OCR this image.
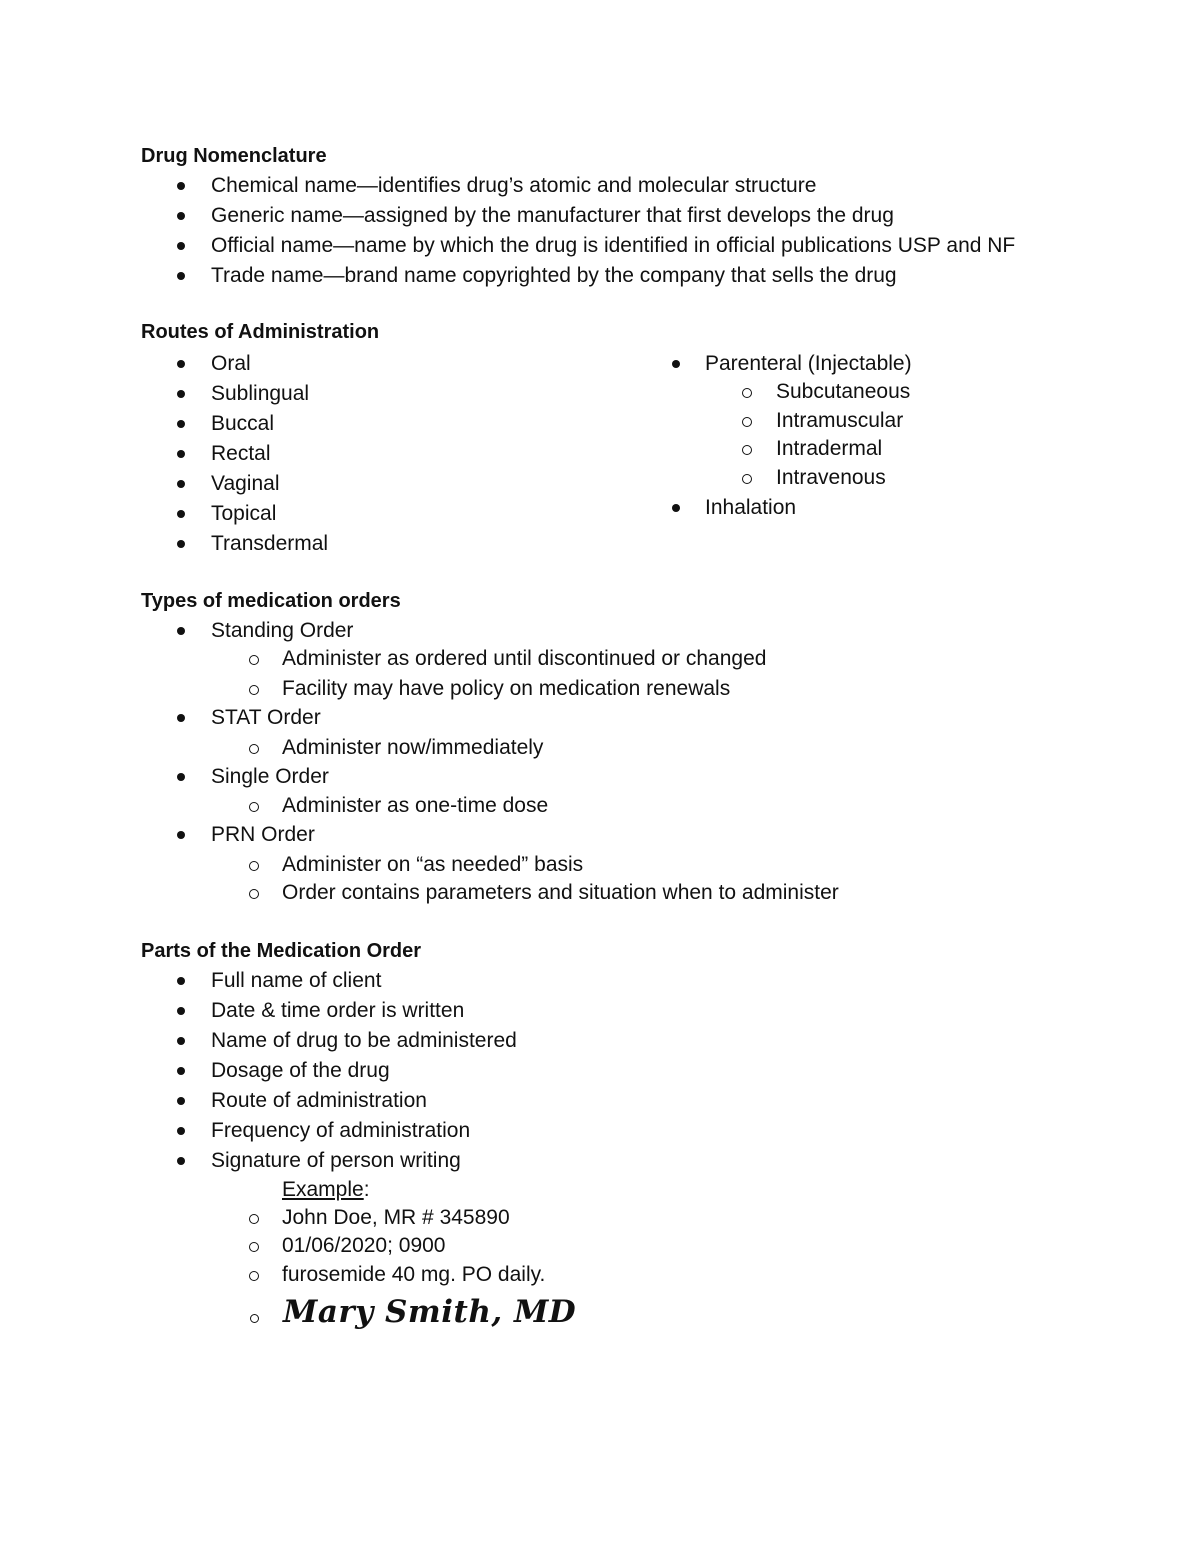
Drug Nomenclature
Chemical name—identifies drug’s atomic and molecular structure
Generic name—assigned by the manufacturer that first develops the drug
Official name—name by which the drug is identified in official publications USP and NF
Trade name—brand name copyrighted by the company that sells the drug
Routes of Administration
Oral
Sublingual
Buccal
Rectal
Vaginal
Topical
Transdermal
Parenteral (Injectable)
Subcutaneous
Intramuscular
Intradermal
Intravenous
Inhalation
Types of medication orders
Standing Order
Administer as ordered until discontinued or changed
Facility may have policy on medication renewals
STAT Order
Administer now/immediately
Single Order
Administer as one-time dose
PRN Order
Administer on “as needed” basis
Order contains parameters and situation when to administer
Parts of the Medication Order
Full name of client
Date & time order is written
Name of drug to be administered
Dosage of the drug
Route of administration
Frequency of administration
Signature of person writing
Example:
John Doe, MR # 345890
01/06/2020; 0900
furosemide 40 mg. PO daily.
Mary Smith, MD
